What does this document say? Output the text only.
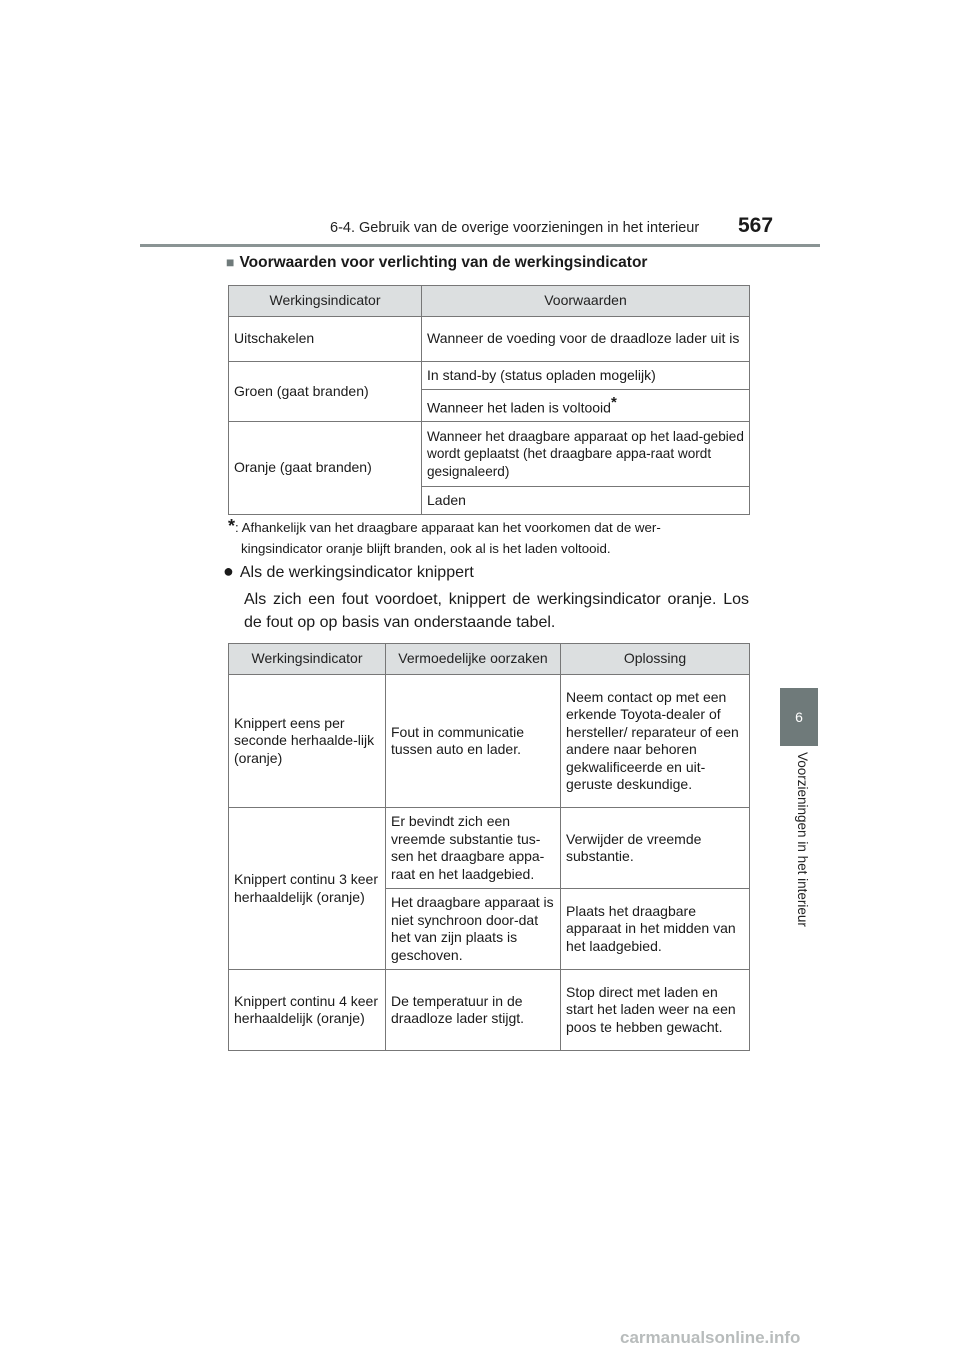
6-4. Gebruik van de overige voorzieningen in het interieur 567
6
Voorzieningen in het interieur
■ Voorwaarden voor verlichting van de werkingsindicator
Werkingsindicator	Voorwaarden
Uitschakelen	Wanneer de voeding voor de draadloze lader uit is
Groen (gaat branden)	In stand-by (status opladen mogelijk)
	Wanneer het laden is voltooid*
Oranje (gaat branden)	Wanneer het draagbare apparaat op het laad-gebied wordt geplaatst (het draagbare appa-raat wordt gesignaleerd)
	Laden
*: Afhankelijk van het draagbare apparaat kan het voorkomen dat de wer-
kingsindicator oranje blijft branden, ook al is het laden voltooid.
● Als de werkingsindicator knippert
Als zich een fout voordoet, knippert de werkingsindicator oranje. Los de fout op op basis van onderstaande tabel.
Werkingsindicator	Vermoedelijke oorzaken	Oplossing
Knippert eens per seconde herhaalde-lijk (oranje)	Fout in communicatie tussen auto en lader.	Neem contact op met een erkende Toyota-dealer of hersteller/ reparateur of een andere naar behoren gekwalificeerde en uit-geruste deskundige.
Knippert continu 3 keer herhaaldelijk (oranje)	Er bevindt zich een vreemde substantie tus-sen het draagbare appa-raat en het laadgebied.	Verwijder de vreemde substantie.
	Het draagbare apparaat is niet synchroon door-dat het van zijn plaats is geschoven.	Plaats het draagbare apparaat in het midden van het laadgebied.
Knippert continu 4 keer herhaaldelijk (oranje)	De temperatuur in de draadloze lader stijgt.	Stop direct met laden en start het laden weer na een poos te hebben gewacht.
carmanualsonline.info
